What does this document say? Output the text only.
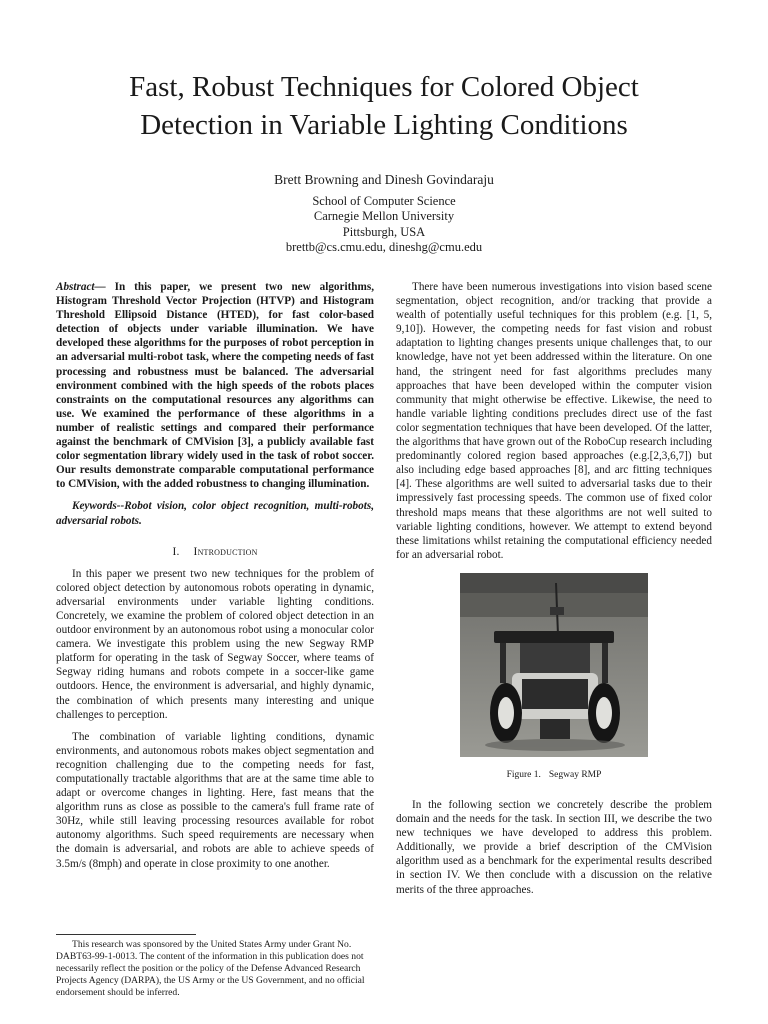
Fast, Robust Techniques for Colored Object
Detection in Variable Lighting Conditions
Brett Browning and Dinesh Govindaraju
School of Computer Science
Carnegie Mellon University
Pittsburgh, USA
brettb@cs.cmu.edu, dineshg@cmu.edu

Abstract— In this paper, we present two new algorithms, Histogram Threshold Vector Projection (HTVP) and Histogram Threshold Ellipsoid Distance (HTED), for fast color-based detection of objects under variable illumination. We have developed these algorithms for the purposes of robot perception in an adversarial multi-robot task, where the competing needs of fast processing and robustness must be balanced. The adversarial environment combined with the high speeds of the robots places constraints on the computational resources any algorithms can use. We examined the performance of these algorithms in a number of realistic settings and compared their performance against the benchmark of CMVision [3], a publicly available fast color segmentation library widely used in the task of robot soccer. Our results demonstrate comparable computational performance to CMVision, with the added robustness to changing illumination.

Keywords--Robot vision, color object recognition, multi-robots, adversarial robots.

I. Introduction

In this paper we present two new techniques for the problem of colored object detection by autonomous robots operating in dynamic, adversarial environments under variable lighting conditions. Concretely, we examine the problem of colored object detection in an outdoor environment by an autonomous robot using a monocular color camera. We investigate this problem using the new Segway RMP platform for operating in the task of Segway Soccer, where teams of Segway riding humans and robots compete in a soccer-like game outdoors. Hence, the environment is adversarial, and highly dynamic, the combination of which presents many interesting and unique challenges to perception.

The combination of variable lighting conditions, dynamic environments, and autonomous robots makes object segmentation and recognition challenging due to the competing needs for fast, computationally tractable algorithms that are at the same time able to adapt or overcome changes in lighting. Here, fast means that the algorithm runs as close as possible to the camera's full frame rate of 30Hz, while still leaving processing resources available for robot autonomy algorithms. Such speed requirements are necessary when the domain is adversarial, and robots are able to achieve speeds of 3.5m/s (8mph) and operate in close proximity to one another.

There have been numerous investigations into vision based scene segmentation, object recognition, and/or tracking that provide a wealth of potentially useful techniques for this problem (e.g. [1, 5, 9,10]). However, the competing needs for fast vision and robust adaptation to lighting changes presents unique challenges that, to our knowledge, have not yet been addressed within the literature. On one hand, the stringent need for fast algorithms precludes many approaches that have been developed within the computer vision community that might otherwise be effective. Likewise, the need to handle variable lighting conditions precludes direct use of the fast color segmentation techniques that have been developed. Of the latter, the algorithms that have grown out of the RoboCup research including predominantly colored region based approaches (e.g.[2,3,6,7]) but also including edge based approaches [8], and arc fitting techniques [4]. These algorithms are well suited to adversarial tasks due to their impressively fast processing speeds. The common use of fixed color threshold maps means that these algorithms are not well suited to variable lighting conditions, however. We attempt to extend beyond these limitations whilst retaining the computational efficiency needed for an adversarial robot.

Figure 1. Segway RMP

In the following section we concretely describe the problem domain and the needs for the task. In section III, we describe the two new techniques we have developed to address this problem. Additionally, we provide a brief description of the CMVision algorithm used as a benchmark for the experimental results described in section IV. We then conclude with a discussion on the relative merits of the three approaches.

This research was sponsored by the United States Army under Grant No. DABT63-99-1-0013. The content of the information in this publication does not necessarily reflect the position or the policy of the Defense Advanced Research Projects Agency (DARPA), the US Army or the US Government, and no official endorsement should be inferred.
